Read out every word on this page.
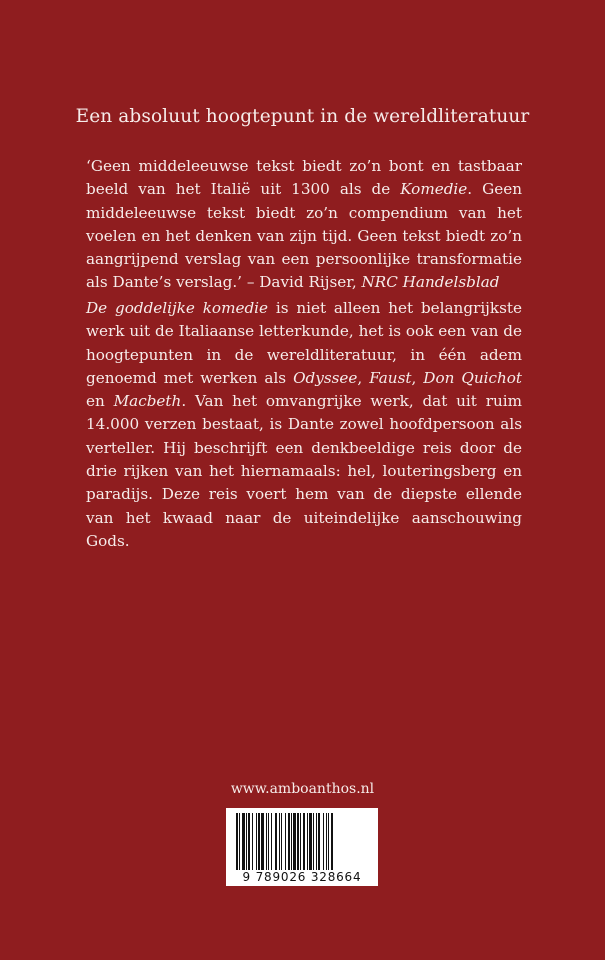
Een absoluut hoogtepunt in de wereldliteratuur

‘Geen middeleeuwse tekst biedt zo’n bont en tastbaar beeld van het Italië uit 1300 als de Komedie. Geen middeleeuwse tekst biedt zo’n compendium van het voelen en het denken van zijn tijd. Geen tekst biedt zo’n aangrijpend verslag van een persoonlijke transformatie als Dante’s verslag.’ – David Rijser, NRC Handelsblad

De goddelijke komedie is niet alleen het belangrijkste werk uit de Italiaanse letterkunde, het is ook een van de hoogtepunten in de wereldliteratuur, in één adem genoemd met werken als Odyssee, Faust, Don Quichot en Macbeth. Van het omvangrijke werk, dat uit ruim 14.000 verzen bestaat, is Dante zowel hoofdpersoon als verteller. Hij beschrijft een denkbeeldige reis door de drie rijken van het hiernamaals: hel, louteringsberg en paradijs. Deze reis voert hem van de diepste ellende van het kwaad naar de uiteindelijke aanschouwing Gods.

www.amboanthos.nl
9 789026 328664
